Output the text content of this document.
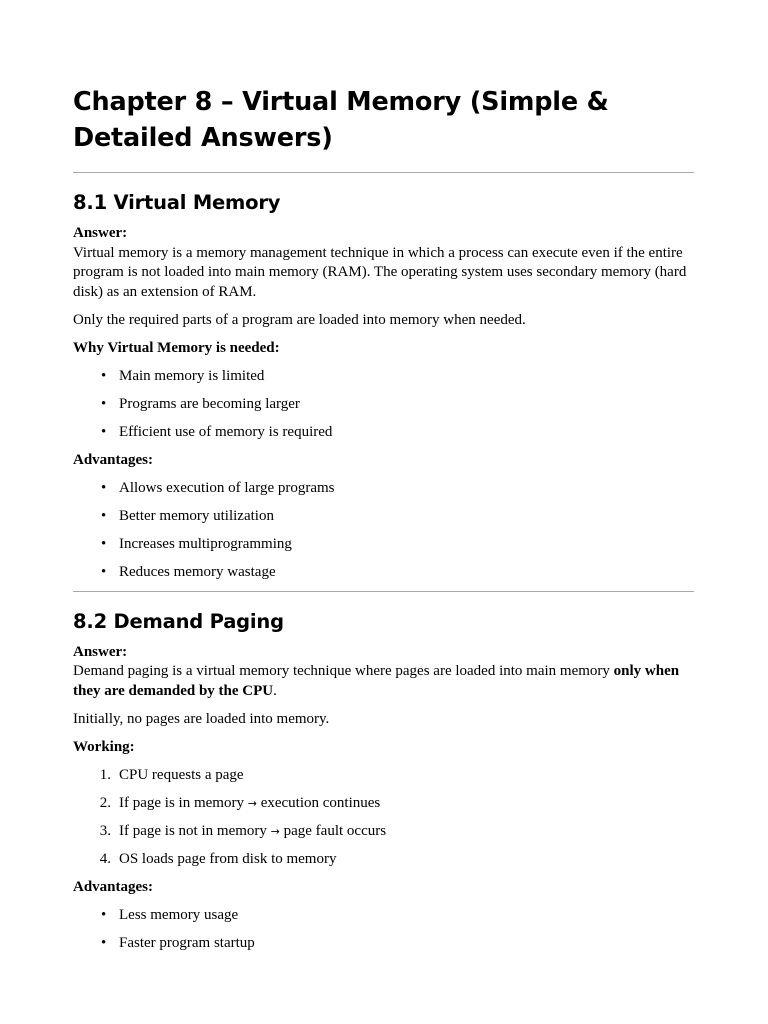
Chapter 8 – Virtual Memory (Simple & Detailed Answers)
8.1 Virtual Memory

Answer:

Virtual memory is a memory management technique in which a process can execute even if the entire program is not loaded into main memory (RAM). The operating system uses secondary memory (hard disk) as an extension of RAM.

Only the required parts of a program are loaded into memory when needed.

Why Virtual Memory is needed:

• Main memory is limited
• Programs are becoming larger
• Efficient use of memory is required

Advantages:

• Allows execution of large programs
• Better memory utilization
• Increases multiprogramming
• Reduces memory wastage
8.2 Demand Paging

Answer:

Demand paging is a virtual memory technique where pages are loaded into main memory only when they are demanded by the CPU.

Initially, no pages are loaded into memory.

Working:

1. CPU requests a page
2. If page is in memory → execution continues
3. If page is not in memory → page fault occurs
4. OS loads page from disk to memory

Advantages:

• Less memory usage
• Faster program startup
